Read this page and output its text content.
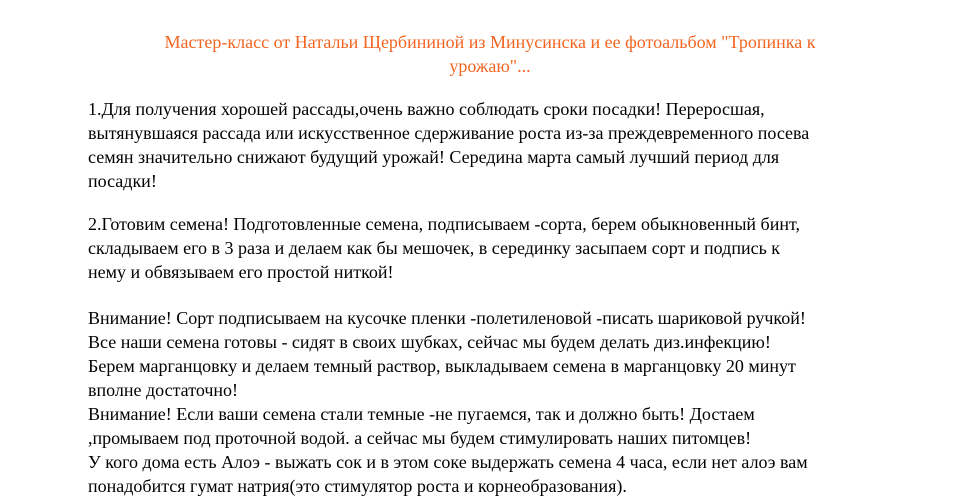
Мастер-класс от Натальи Щербининой из Минусинска и ее фотоальбом "Тропинка к
урожаю"...
1.Для получения хорошей рассады,очень важно соблюдать сроки посадки! Переросшая,
вытянувшаяся рассада или искусственное сдерживание роста из-за преждевременного посева
семян значительно снижают будущий урожай! Середина марта самый лучший период для
посадки!
2.Готовим семена! Подготовленные семена, подписываем -сорта, берем обыкновенный бинт,
складываем его в 3 раза и делаем как бы мешочек, в серединку засыпаем сорт и подпись к
нему и обвязываем его простой ниткой!
Внимание! Сорт подписываем на кусочке пленки -полетиленовой -писать шариковой ручкой!
Все наши семена готовы - сидят в своих шубках, сейчас мы будем делать диз.инфекцию!
Берем марганцовку и делаем темный раствор, выкладываем семена в марганцовку 20 минут
вполне достаточно!
Внимание! Если ваши семена стали темные -не пугаемся, так и должно быть! Достаем
,промываем под проточной водой. а сейчас мы будем стимулировать наших питомцев!
У кого дома есть Алоэ - выжать сок и в этом соке выдержать семена 4 часа, если нет алоэ вам
понадобится гумат натрия(это стимулятор роста и корнеобразования).
